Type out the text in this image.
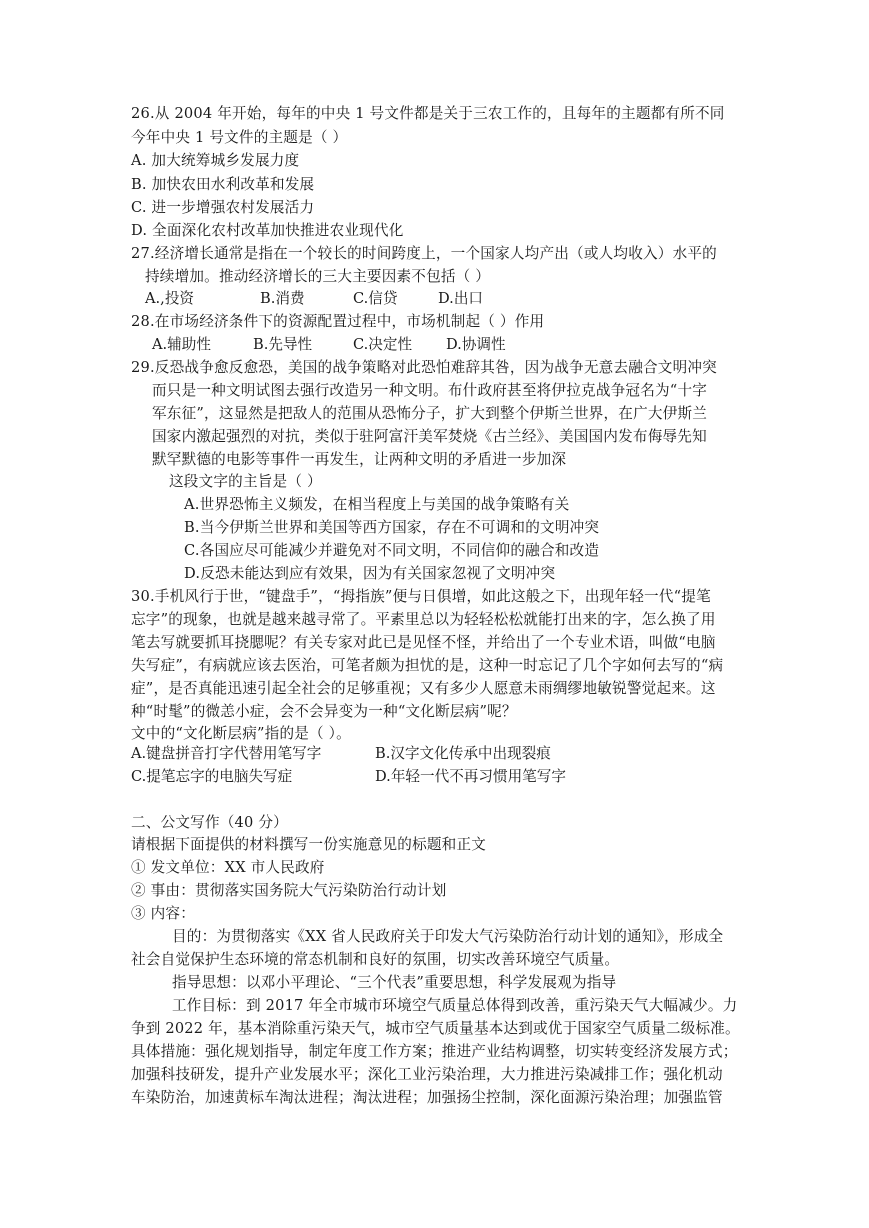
26.从 2004 年开始，每年的中央 1 号文件都是关于三农工作的，且每年的主题都有所不同
今年中央 1 号文件的主题是（ ）
A. 加大统筹城乡发展力度
B. 加快农田水利改革和发展
C. 进一步增强农村发展活力
D. 全面深化农村改革加快推进农业现代化
27.经济增长通常是指在一个较长的时间跨度上，一个国家人均产出（或人均收入）水平的
持续增加。推动经济增长的三大主要因素不包括（ ）
A.,投资	B.消费	C.信贷	D.出口
28.在市场经济条件下的资源配置过程中，市场机制起（ ）作用
A.辅助性	B.先导性	C.决定性 D.协调性
29.反恐战争愈反愈恐，美国的战争策略对此恐怕难辞其咎，因为战争无意去融合文明冲突
而只是一种文明试图去强行改造另一种文明。布什政府甚至将伊拉克战争冠名为“十字
军东征”，这显然是把敌人的范围从恐怖分子，扩大到整个伊斯兰世界，在广大伊斯兰
国家内激起强烈的对抗，类似于驻阿富汗美军焚烧《古兰经》、美国国内发布侮辱先知
默罕默德的电影等事件一再发生，让两种文明的矛盾进一步加深
这段文字的主旨是（ ）
A.世界恐怖主义频发，在相当程度上与美国的战争策略有关
B.当今伊斯兰世界和美国等西方国家，存在不可调和的文明冲突
C.各国应尽可能减少并避免对不同文明，不同信仰的融合和改造
D.反恐未能达到应有效果，因为有关国家忽视了文明冲突
30.手机风行于世，“键盘手”，“拇指族”便与日俱增，如此这般之下，出现年轻一代“提笔
忘字”的现象，也就是越来越寻常了。平素里总以为轻轻松松就能打出来的字，怎么换了用
笔去写就要抓耳挠腮呢？有关专家对此已是见怪不怪，并给出了一个专业术语，叫做“电脑
失写症”，有病就应该去医治，可笔者颇为担忧的是，这种一时忘记了几个字如何去写的“病
症”，是否真能迅速引起全社会的足够重视；又有多少人愿意未雨绸缪地敏锐警觉起来。这
种“时髦”的微恙小症，会不会异变为一种“文化断层病”呢？
文中的“文化断层病”指的是（ ）。
A.键盘拼音打字代替用笔写字	B.汉字文化传承中出现裂痕
C.提笔忘字的电脑失写症	D.年轻一代不再习惯用笔写字
二、公文写作（40 分）
请根据下面提供的材料撰写一份实施意见的标题和正文
① 发文单位：XX 市人民政府
② 事由：贯彻落实国务院大气污染防治行动计划
③ 内容：
目的：为贯彻落实《XX 省人民政府关于印发大气污染防治行动计划的通知》，形成全
社会自觉保护生态环境的常态机制和良好的氛围，切实改善环境空气质量。
指导思想：以邓小平理论、“三个代表”重要思想，科学发展观为指导
工作目标：到 2017 年全市城市环境空气质量总体得到改善，重污染天气大幅减少。力
争到 2022 年，基本消除重污染天气，城市空气质量基本达到或优于国家空气质量二级标准。
具体措施：强化规划指导，制定年度工作方案；推进产业结构调整，切实转变经济发展方式；
加强科技研发，提升产业发展水平；深化工业污染治理，大力推进污染减排工作；强化机动
车染防治，加速黄标车淘汰进程；淘汰进程；加强扬尘控制，深化面源污染治理；加强监管
